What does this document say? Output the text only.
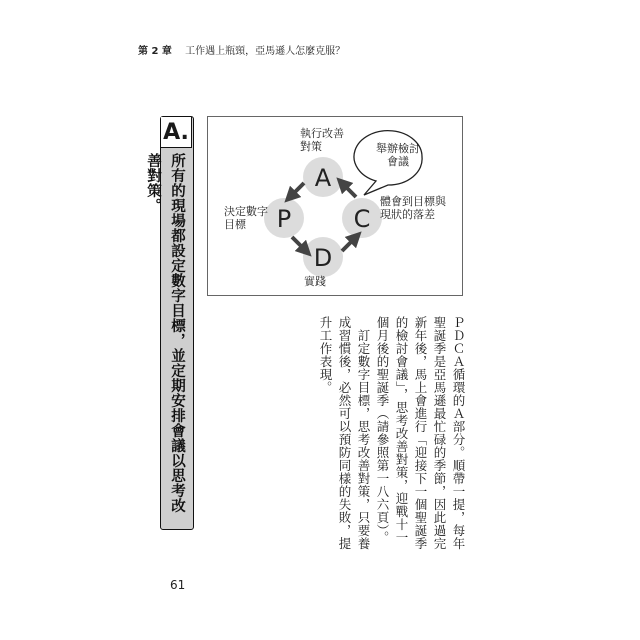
第 2 章 工作遇上瓶頸，亞馬遜人怎麼克服？
A.
所有的現場都設定數字目標，並定期安排會議以思考改善對策。	A
P	C
D
執行改善
對策
決定數字
目標
體會到目標與
現狀的落差
實踐
舉辦檢討
會議

ＰＤＣＡ循環的Ａ部分。順帶一提，每年聖誕季是亞馬遜最忙碌的季節，因此過完新年後，馬上會進行「迎接下一個聖誕季的檢討會議」，思考改善對策，迎戰十一個月後的聖誕季（請參照第一八六頁）。

訂定數字目標，思考改善對策，只要養成習慣後，必然可以預防同樣的失敗，提升工作表現。

61
